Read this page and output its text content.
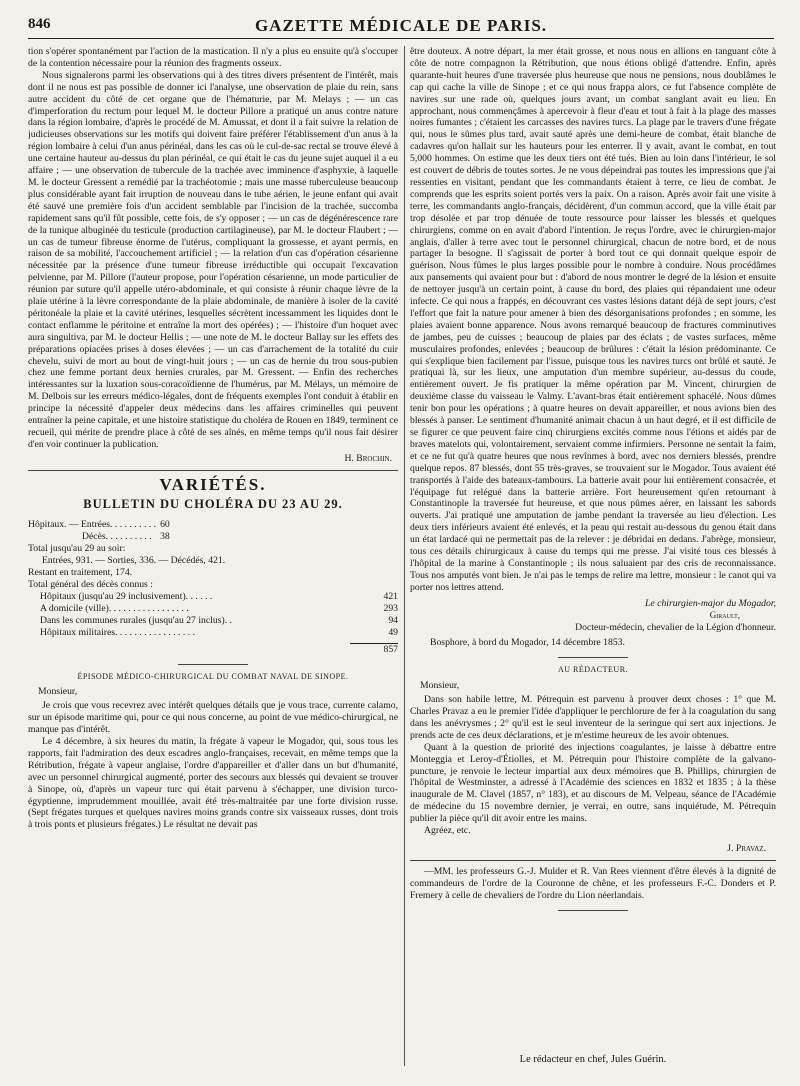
846	GAZETTE MÉDICALE DE PARIS.

tion s'opérer spontanément par l'action de la mastication. Il n'y a plus eu ensuite qu'à s'occuper de la contention nécessaire pour la réunion des fragments osseux.

Nous signalerons parmi les observations qui à des titres divers présentent de l'intérêt, mais dont il ne nous est pas possible de donner ici l'analyse, une observation de plaie du rein, sans autre accident du côté de cet organe que de l'hématurie, par M. Melays ; — un cas d'imperforation du rectum pour lequel M. le docteur Pillore a pratiqué un anus contre nature dans la région lombaire, d'après le procédé de M. Amussat, et dont il a fait suivre la relation de judicieuses observations sur les motifs qui doivent faire préférer l'établissement d'un anus à la région lombaire à celui d'un anus périnéal, dans les cas où le cul-de-sac rectal se trouve élevé à une certaine hauteur au-dessus du plan périnéal, ce qui était le cas du jeune sujet auquel il a eu affaire ; — une observation de tubercule de la trachée avec imminence d'asphyxie, à laquelle M. le docteur Gressent a remédié par la trachéotomie ; mais une masse tuberculeuse beaucoup plus considérable ayant fait irruption de nouveau dans le tube aérien, le jeune enfant qui avait été sauvé une première fois d'un accident semblable par l'incision de la trachée, succomba rapidement sans qu'il fût possible, cette fois, de s'y opposer ; — un cas de dégénérescence rare de la tunique albuginée du testicule (production cartilagineuse), par M. le docteur Flaubert ; — un cas de tumeur fibreuse énorme de l'utérus, compliquant la grossesse, et ayant permis, en raison de sa mobilité, l'accouchement artificiel ; — la relation d'un cas d'opération césarienne nécessitée par la présence d'une tumeur fibreuse irréductible qui occupait l'excavation pelvienne, par M. Pillore (l'auteur propose, pour l'opération césarienne, un mode particulier de réunion par suture qu'il appelle utéro-abdominale, et qui consiste à réunir chaque lèvre de la plaie utérine à la lèvre correspondante de la plaie abdominale, de manière à isoler de la cavité péritonéale la plaie et la cavité utérines, lesquelles sécrètent incessamment les liquides dont le contact enflamme le péritoine et entraîne la mort des opérées) ; — l'histoire d'un hoquet avec aura singultiva, par M. le docteur Hellis ; — une note de M. le docteur Ballay sur les effets des préparations opiacées prises à doses élevées ; — un cas d'arrachement de la totalité du cuir chevelu, suivi de mort au bout de vingt-huit jours ; — un cas de hernie du trou sous-pubien chez une femme portant deux hernies crurales, par M. Gressent. — Enfin des recherches intéressantes sur la luxation sous-coracoïdienne de l'humérus, par M. Mélays, un mémoire de M. Delbois sur les erreurs médico-légales, dont de fréquents exemples l'ont conduit à établir en principe la nécessité d'appeler deux médecins dans les affaires criminelles qui peuvent entraîner la peine capitale, et une histoire statistique du choléra de Rouen en 1849, terminent ce recueil, qui mérite de prendre place à côté de ses aînés, en même temps qu'il nous fait désirer d'en voir continuer la publication.

H. Brochin.
VARIÉTÉS.
BULLETIN DU CHOLÉRA DU 23 AU 29.
Hôpitaux. — Entrées. . . . . . . . . .	60
Décès. . . . . . . . . .	38
Total jusqu'au 29 au soir:
Entrées, 931. — Sorties, 336. — Décédés, 421.
Restant en traitement, 174.
Total général des décès connus :
Hôpitaux (jusqu'au 29 inclusivement). . . . . .	421
A domicile (ville). . . . . . . . . . . . . . . . .	293
Dans les communes rurales (jusqu'au 27 inclus). .	94
Hôpitaux militaires. . . . . . . . . . . . . . . . .	49
857
ÉPISODE MÉDICO-CHIRURGICAL DU COMBAT NAVAL DE SINOPE.
Monsieur,

Je crois que vous recevrez avec intérêt quelques détails que je vous trace, currente calamo, sur un épisode maritime qui, pour ce qui nous concerne, au point de vue médico-chirurgical, ne manque pas d'intérêt.

Le 4 décembre, à six heures du matin, la frégate à vapeur le Mogador, qui, sous tous les rapports, fait l'admiration des deux escadres anglo-françaises, recevait, en même temps que la Rétribution, frégate à vapeur anglaise, l'ordre d'appareiller et d'aller dans un but d'humanité, avec un personnel chirurgical augmenté, porter des secours aux blessés qui devaient se trouver à Sinope, où, d'après un vapeur turc qui était parvenu à s'échapper, une division turco-égyptienne, imprudemment mouillée, avait été très-maltraitée par une forte division russe. (Sept frégates turques et quelques navires moins grands contre six vaisseaux russes, dont trois à trois ponts et plusieurs frégates.) Le résultat ne devait pas

être douteux. A notre départ, la mer était grosse, et nous nous en allions en tanguant côte à côte de notre compagnon la Rétribution, que nous étions obligé d'attendre. Enfin, après quarante-huit heures d'une traversée plus heureuse que nous ne pensions, nous doublâmes le cap qui cache la ville de Sinope ; et ce qui nous frappa alors, ce fut l'absence complète de navires sur une rade où, quelques jours avant, un combat sanglant avait eu lieu. En approchant, nous commençâmes à apercevoir à fleur d'eau et tout à fait à la plage des masses noires fumantes ; c'étaient les carcasses des navires turcs. La plage par le travers d'une frégate qui, nous le sûmes plus tard, avait sauté après une demi-heure de combat, était blanche de cadavres qu'on hallait sur les hauteurs pour les enterrer. Il y avait, avant le combat, en tout 5,000 hommes. On estime que les deux tiers ont été tués. Bien au loin dans l'intérieur, le sol est couvert de débris de toutes sortes. Je ne vous dépeindrai pas toutes les impressions que j'ai ressenties en visitant, pendant que les commandants étaient à terre, ce lieu de combat. Je comprends que les esprits soient portés vers la paix. On a raison. Après avoir fait une visite à terre, les commandants anglo-français, décidèrent, d'un commun accord, que la ville était par trop désolée et par trop dénuée de toute ressource pour laisser les blessés et quelques chirurgiens, comme on en avait d'abord l'intention. Je reçus l'ordre, avec le chirurgien-major anglais, d'aller à terre avec tout le personnel chirurgical, chacun de notre bord, et de nous partager la besogne. Il s'agissait de porter à bord tout ce qui donnait quelque espoir de guérison. Nous fûmes le plus larges possible pour le nombre à conduire. Nous procédâmes aux pansements qui avaient pour but : d'abord de nous montrer le degré de la lésion et ensuite de nettoyer jusqu'à un certain point, à cause du bord, des plaies qui répandaient une odeur infecte. Ce qui nous a frappés, en découvrant ces vastes lésions datant déjà de sept jours, c'est l'effort que fait la nature pour amener à bien des désorganisations profondes ; en somme, les plaies avaient bonne apparence. Nous avons remarqué beaucoup de fractures comminutives de jambes, peu de cuisses ; beaucoup de plaies par des éclats ; de vastes surfaces, même musculaires profondes, enlevées ; beaucoup de brûlures : c'était la lésion prédominante. Ce qui s'explique bien facilement par l'issue, puisque tous les navires turcs ont brûlé et sauté. Je pratiquai là, sur les lieux, une amputation d'un membre supérieur, au-dessus du coude, entièrement ouvert. Je fis pratiquer la même opération par M. Vincent, chirurgien de deuxième classe du vaisseau le Valmy. L'avant-bras était entièrement sphacélé. Nous dûmes tenir bon pour les opérations ; à quatre heures on devait appareiller, et nous avions bien des blessés à panser. Le sentiment d'humanité animait chacun à un haut degré, et il est difficile de se figurer ce que peuvent faire cinq chirurgiens excités comme nous l'étions et aidés par de braves matelots qui, volontairement, servaient comme infirmiers. Personne ne sentait la faim, et ce ne fut qu'à quatre heures que nous revînmes à bord, avec nos derniers blessés, prendre quelque repos. 87 blessés, dont 55 très-graves, se trouvaient sur le Mogador. Tous avaient été transportés à l'aide des bateaux-tambours. La batterie avait pour lui entièrement consacrée, et l'équipage fut relégué dans la batterie arrière. Fort heureusement qu'en retournant à Constantinople la traversée fut heureuse, et que nous pûmes aérer, en laissant les sabords ouverts. J'ai pratiqué une amputation de jambe pendant la traversée au lieu d'élection. Les deux tiers inférieurs avaient été enlevés, et la peau qui restait au-dessous du genou était dans un état lardacé qui ne permettait pas de la relever : je débridai en dedans. J'abrège, monsieur, tous ces détails chirurgicaux à cause du temps qui me presse. J'ai visité tous ces blessés à l'hôpital de la marine à Constantinople ; ils nous saluaient par des cris de reconnaissance. Tous nos amputés vont bien. Je n'ai pas le temps de relire ma lettre, monsieur : le canot qui va porter nos lettres attend.

Le chirurgien-major du Mogador,
Girault,
Docteur-médecin, chevalier de la Légion d'honneur.
Bosphore, à bord du Mogador, 14 décembre 1853.
AU RÉDACTEUR.
Monsieur,

Dans son habile lettre, M. Pétrequin est parvenu à prouver deux choses : 1° que M. Charles Pravaz a eu le premier l'idée d'appliquer le perchlorure de fer à la coagulation du sang dans les anévrysmes ; 2° qu'il est le seul inventeur de la seringue qui sert aux injections. Je prends acte de ces deux déclarations, et je m'estime heureux de les avoir obtenues.

Quant à la question de priorité des injections coagulantes, je laisse à débattre entre Monteggia et Leroy-d'Étiolles, et M. Pétrequin pour l'histoire complète de la galvano-puncture, je renvoie le lecteur impartial aux deux mémoires que B. Phillips, chirurgien de l'hôpital de Westminster, a adressé à l'Académie des sciences en 1832 et 1835 ; à la thèse inaugurale de M. Clavel (1857, n° 183), et au discours de M. Velpeau, séance de l'Académie de médecine du 15 novembre dernier, je verrai, en outre, sans inquiétude, M. Pétrequin publier la pièce qu'il dit avoir entre les mains.

Agréez, etc.

J. Pravaz.

—MM. les professeurs G.-J. Mulder et R. Van Rees viennent d'être élevés à la dignité de commandeurs de l'ordre de la Couronne de chêne, et les professeurs F.-C. Donders et P. Fremery à celle de chevaliers de l'ordre du Lion néerlandais.

Le rédacteur en chef, Jules Guérin.
